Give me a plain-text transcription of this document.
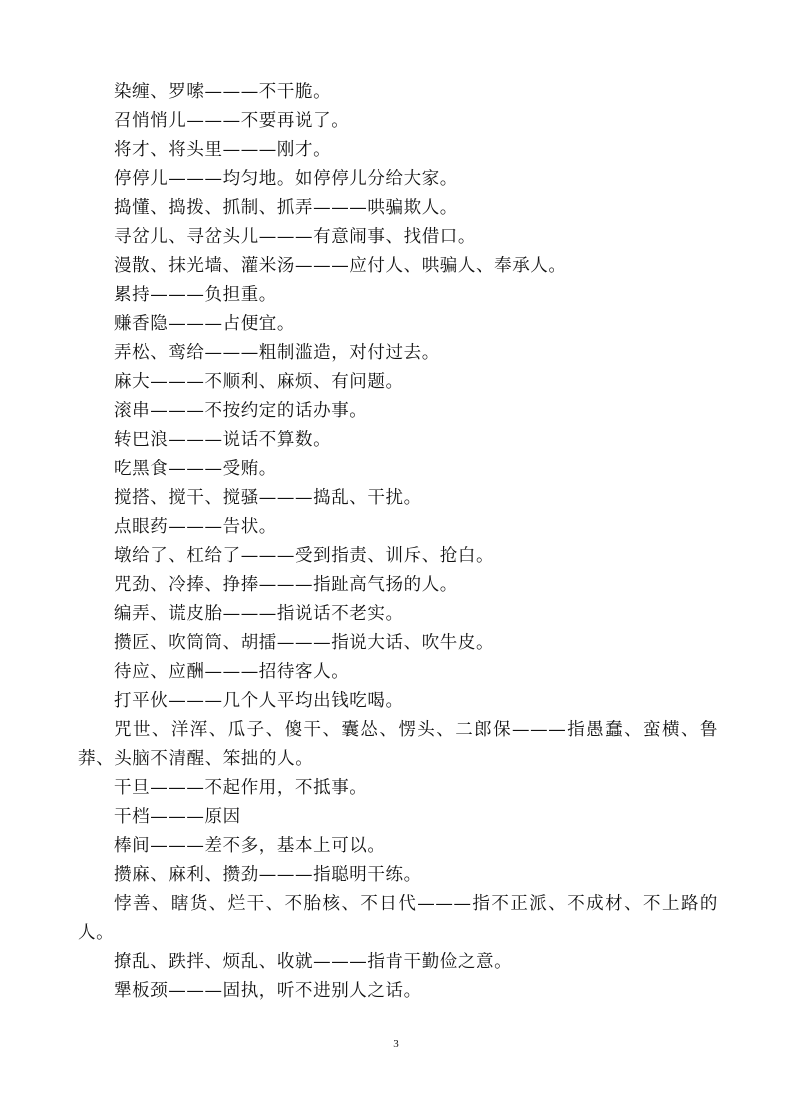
染缠、罗嗦———不干脆。

召悄悄儿———不要再说了。

将才、将头里———刚才。

停停儿———均匀地。如停停儿分给大家。

捣懂、捣拨、抓制、抓弄———哄骗欺人。

寻岔儿、寻岔头儿———有意闹事、找借口。

漫散、抹光墙、灌米汤———应付人、哄骗人、奉承人。

累持———负担重。

赚香隐———占便宜。

弄松、鸾给———粗制滥造，对付过去。

麻大———不顺利、麻烦、有问题。

滚串———不按约定的话办事。

转巴浪———说话不算数。

吃黑食———受贿。

搅搭、搅干、搅骚———捣乱、干扰。

点眼药———告状。

墩给了、杠给了———受到指责、训斥、抢白。

咒劲、冷捧、挣捧———指趾高气扬的人。

编弄、谎皮胎———指说话不老实。

攒匠、吹筒筒、胡擂———指说大话、吹牛皮。

待应、应酬———招待客人。

打平伙———几个人平均出钱吃喝。

咒世、洋浑、瓜子、傻干、囊怂、愣头、二郎保———指愚蠢、蛮横、鲁莽、头脑不清醒、笨拙的人。

干旦———不起作用，不抵事。

干档———原因

棒间———差不多，基本上可以。

攒麻、麻利、攒劲———指聪明干练。

悖善、瞎货、烂干、不胎核、不日代———指不正派、不成材、不上路的人。

撩乱、跌拌、烦乱、收就———指肯干勤俭之意。

犟板颈———固执，听不进别人之话。

3
